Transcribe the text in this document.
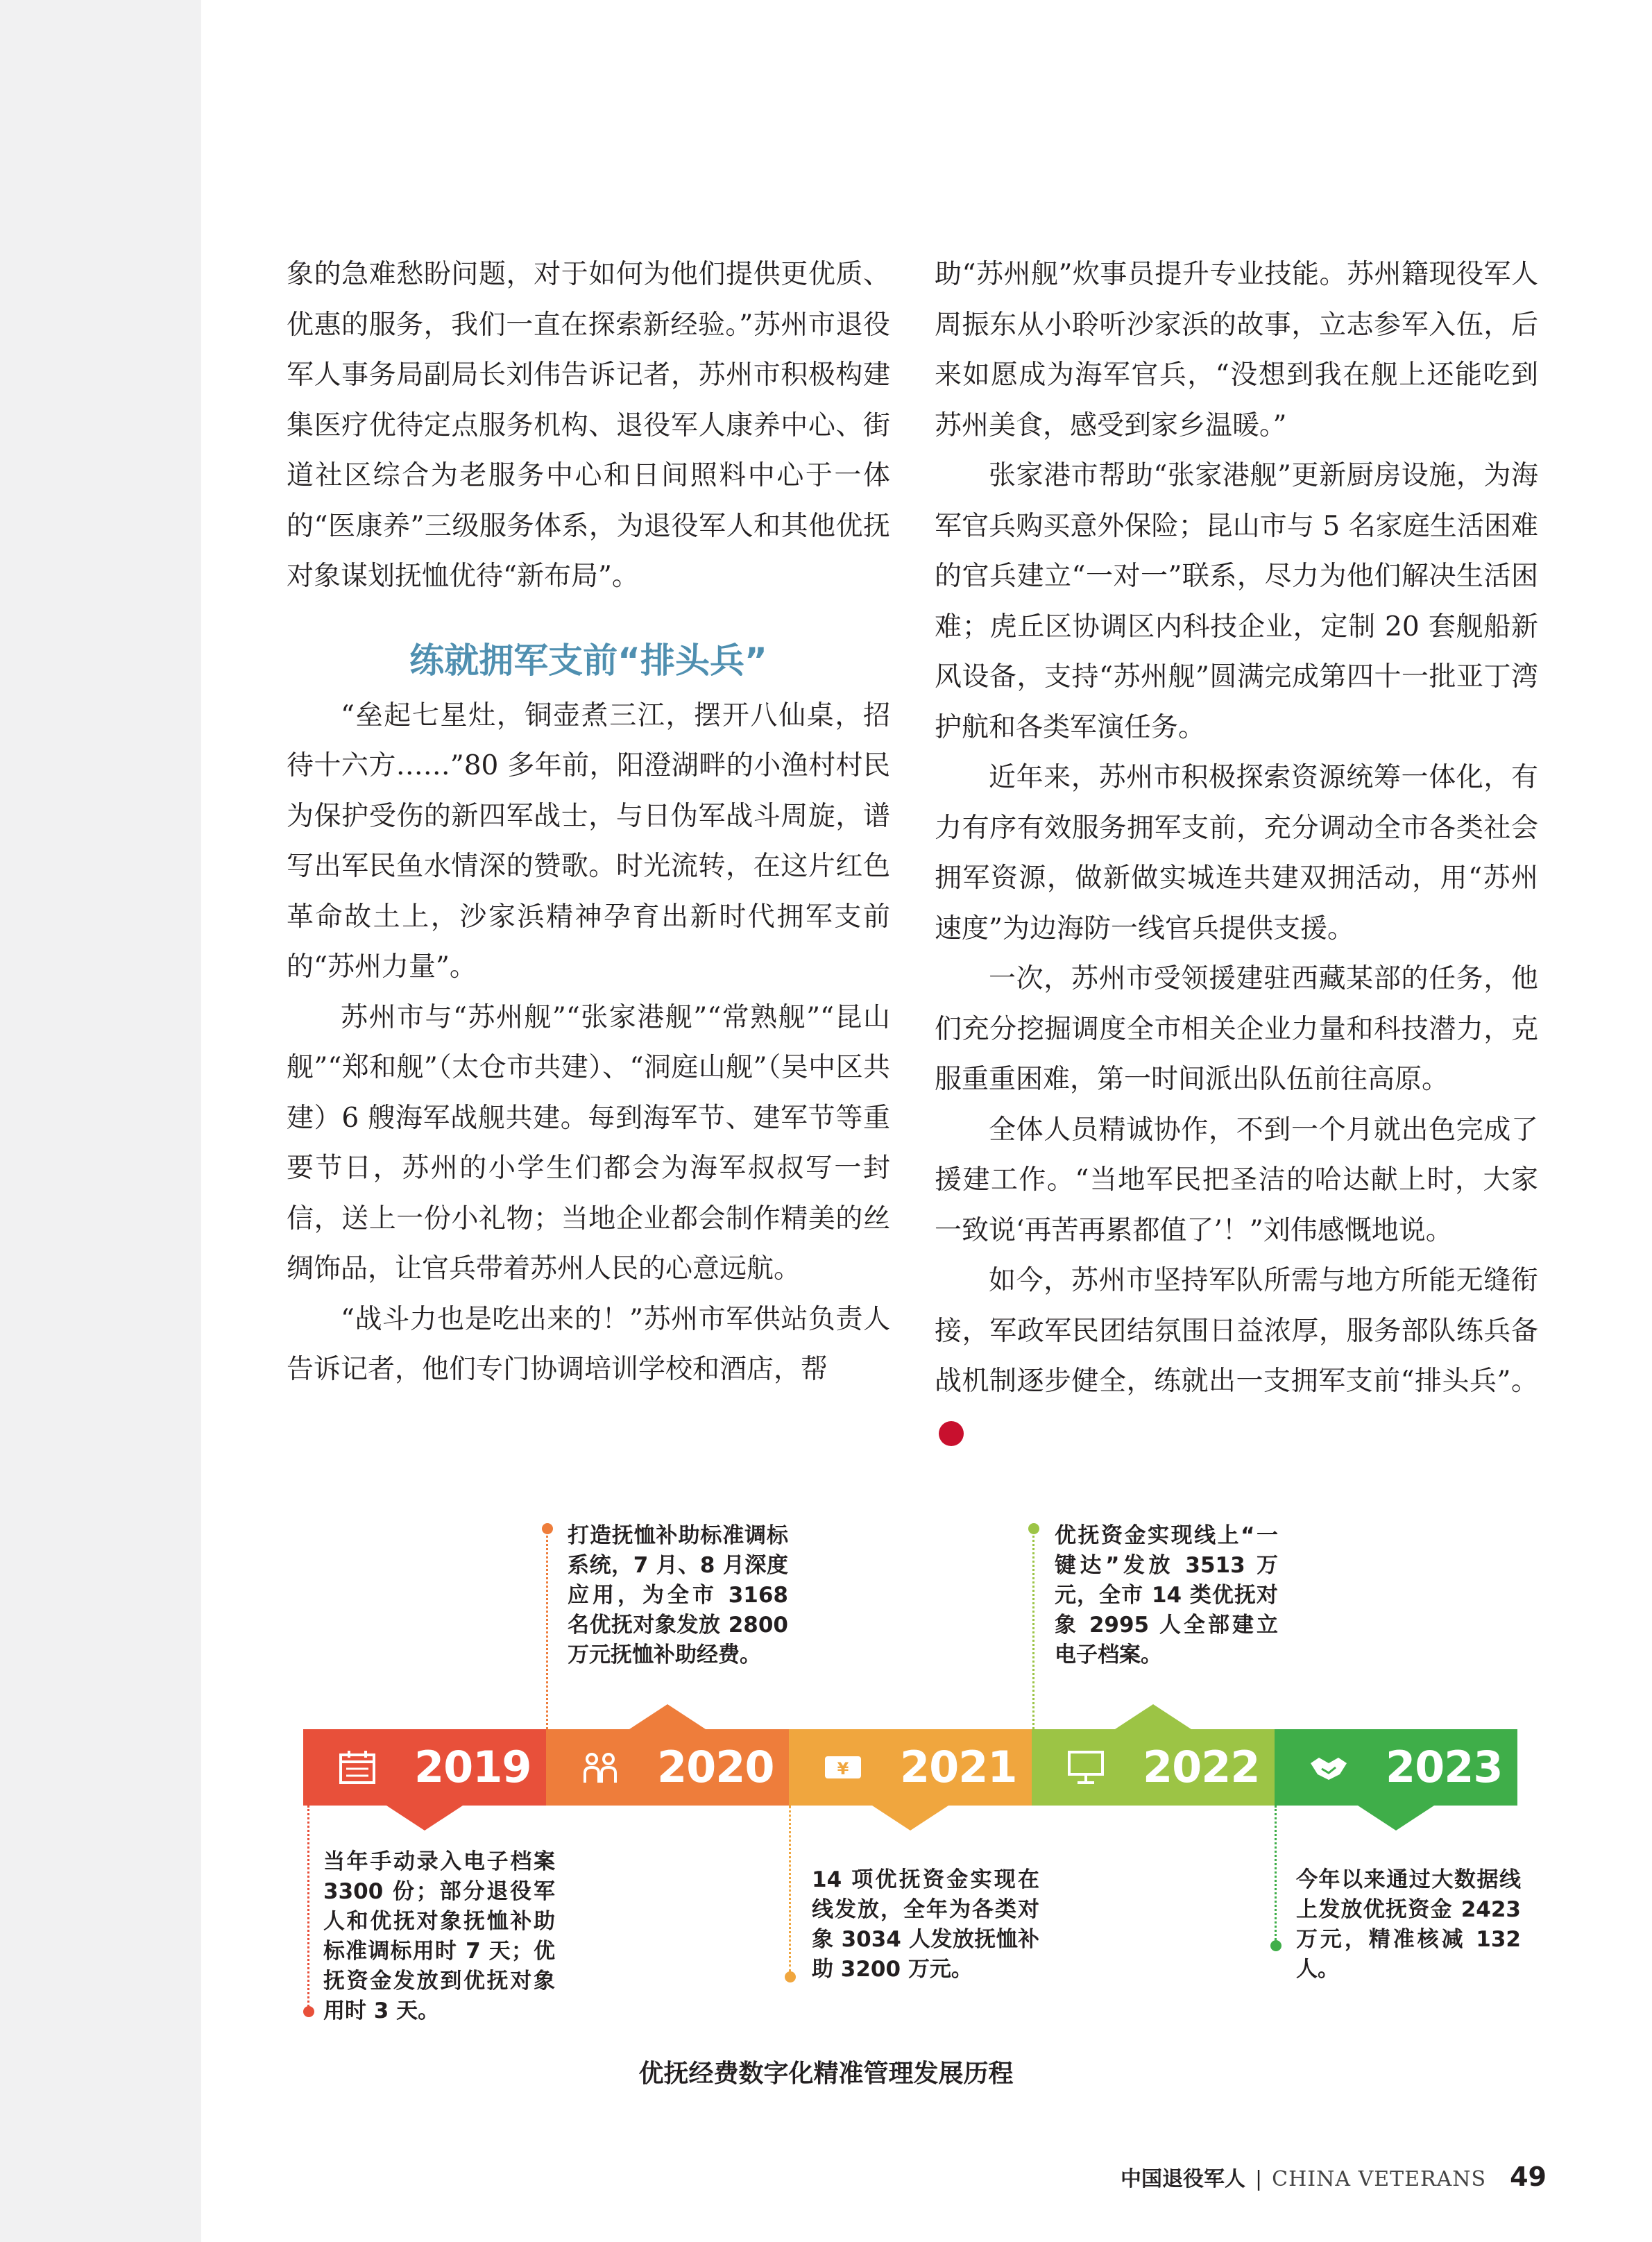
象的急难愁盼问题，对于如何为他们提供更优质、优惠的服务，我们一直在探索新经验。”苏州市退役军人事务局副局长刘伟告诉记者，苏州市积极构建集医疗优待定点服务机构、退役军人康养中心、街道社区综合为老服务中心和日间照料中心于一体的“医康养”三级服务体系，为退役军人和其他优抚对象谋划抚恤优待“新布局”。

练就拥军支前“排头兵”

“垒起七星灶，铜壶煮三江，摆开八仙桌，招待十六方……”80 多年前，阳澄湖畔的小渔村村民为保护受伤的新四军战士，与日伪军战斗周旋，谱写出军民鱼水情深的赞歌。时光流转，在这片红色革命故土上，沙家浜精神孕育出新时代拥军支前的“苏州力量”。

苏州市与“苏州舰”“张家港舰”“常熟舰”“昆山舰”“郑和舰”（太仓市共建）、“洞庭山舰”（吴中区共建）6 艘海军战舰共建。每到海军节、建军节等重要节日，苏州的小学生们都会为海军叔叔写一封信，送上一份小礼物；当地企业都会制作精美的丝绸饰品，让官兵带着苏州人民的心意远航。

“战斗力也是吃出来的！”苏州市军供站负责人告诉记者，他们专门协调培训学校和酒店，帮

助“苏州舰”炊事员提升专业技能。苏州籍现役军人周振东从小聆听沙家浜的故事，立志参军入伍，后来如愿成为海军官兵，“没想到我在舰上还能吃到苏州美食，感受到家乡温暖。”

张家港市帮助“张家港舰”更新厨房设施，为海军官兵购买意外保险；昆山市与 5 名家庭生活困难的官兵建立“一对一”联系，尽力为他们解决生活困难；虎丘区协调区内科技企业，定制 20 套舰船新风设备，支持“苏州舰”圆满完成第四十一批亚丁湾护航和各类军演任务。

近年来，苏州市积极探索资源统筹一体化，有力有序有效服务拥军支前，充分调动全市各类社会拥军资源，做新做实城连共建双拥活动，用“苏州速度”为边海防一线官兵提供支援。

一次，苏州市受领援建驻西藏某部的任务，他们充分挖掘调度全市相关企业力量和科技潜力，克服重重困难，第一时间派出队伍前往高原。

全体人员精诚协作，不到一个月就出色完成了援建工作。“当地军民把圣洁的哈达献上时，大家一致说‘再苦再累都值了’！”刘伟感慨地说。

如今，苏州市坚持军队所需与地方所能无缝衔接，军政军民团结氛围日益浓厚，服务部队练兵备战机制逐步健全，练就出一支拥军支前“排头兵”。V

2019	2020	¥ 2021	2022	2023
当年手动录入电子档案 3300 份；部分退役军人和优抚对象抚恤补助标准调标用时 7 天；优抚资金发放到优抚对象用时 3 天。
打造抚恤补助标准调标系统，7 月、8 月深度应用，为全市 3168 名优抚对象发放 2800 万元抚恤补助经费。
14 项优抚资金实现在线发放，全年为各类对象 3034 人发放抚恤补助 3200 万元。
优抚资金实现线上“一键达”发放 3513 万元，全市 14 类优抚对象 2995 人全部建立电子档案。
今年以来通过大数据线上发放优抚资金 2423 万元，精准核减 132 人。
优抚经费数字化精准管理发展历程
中国退役军人 | CHINA VETERANS 49
